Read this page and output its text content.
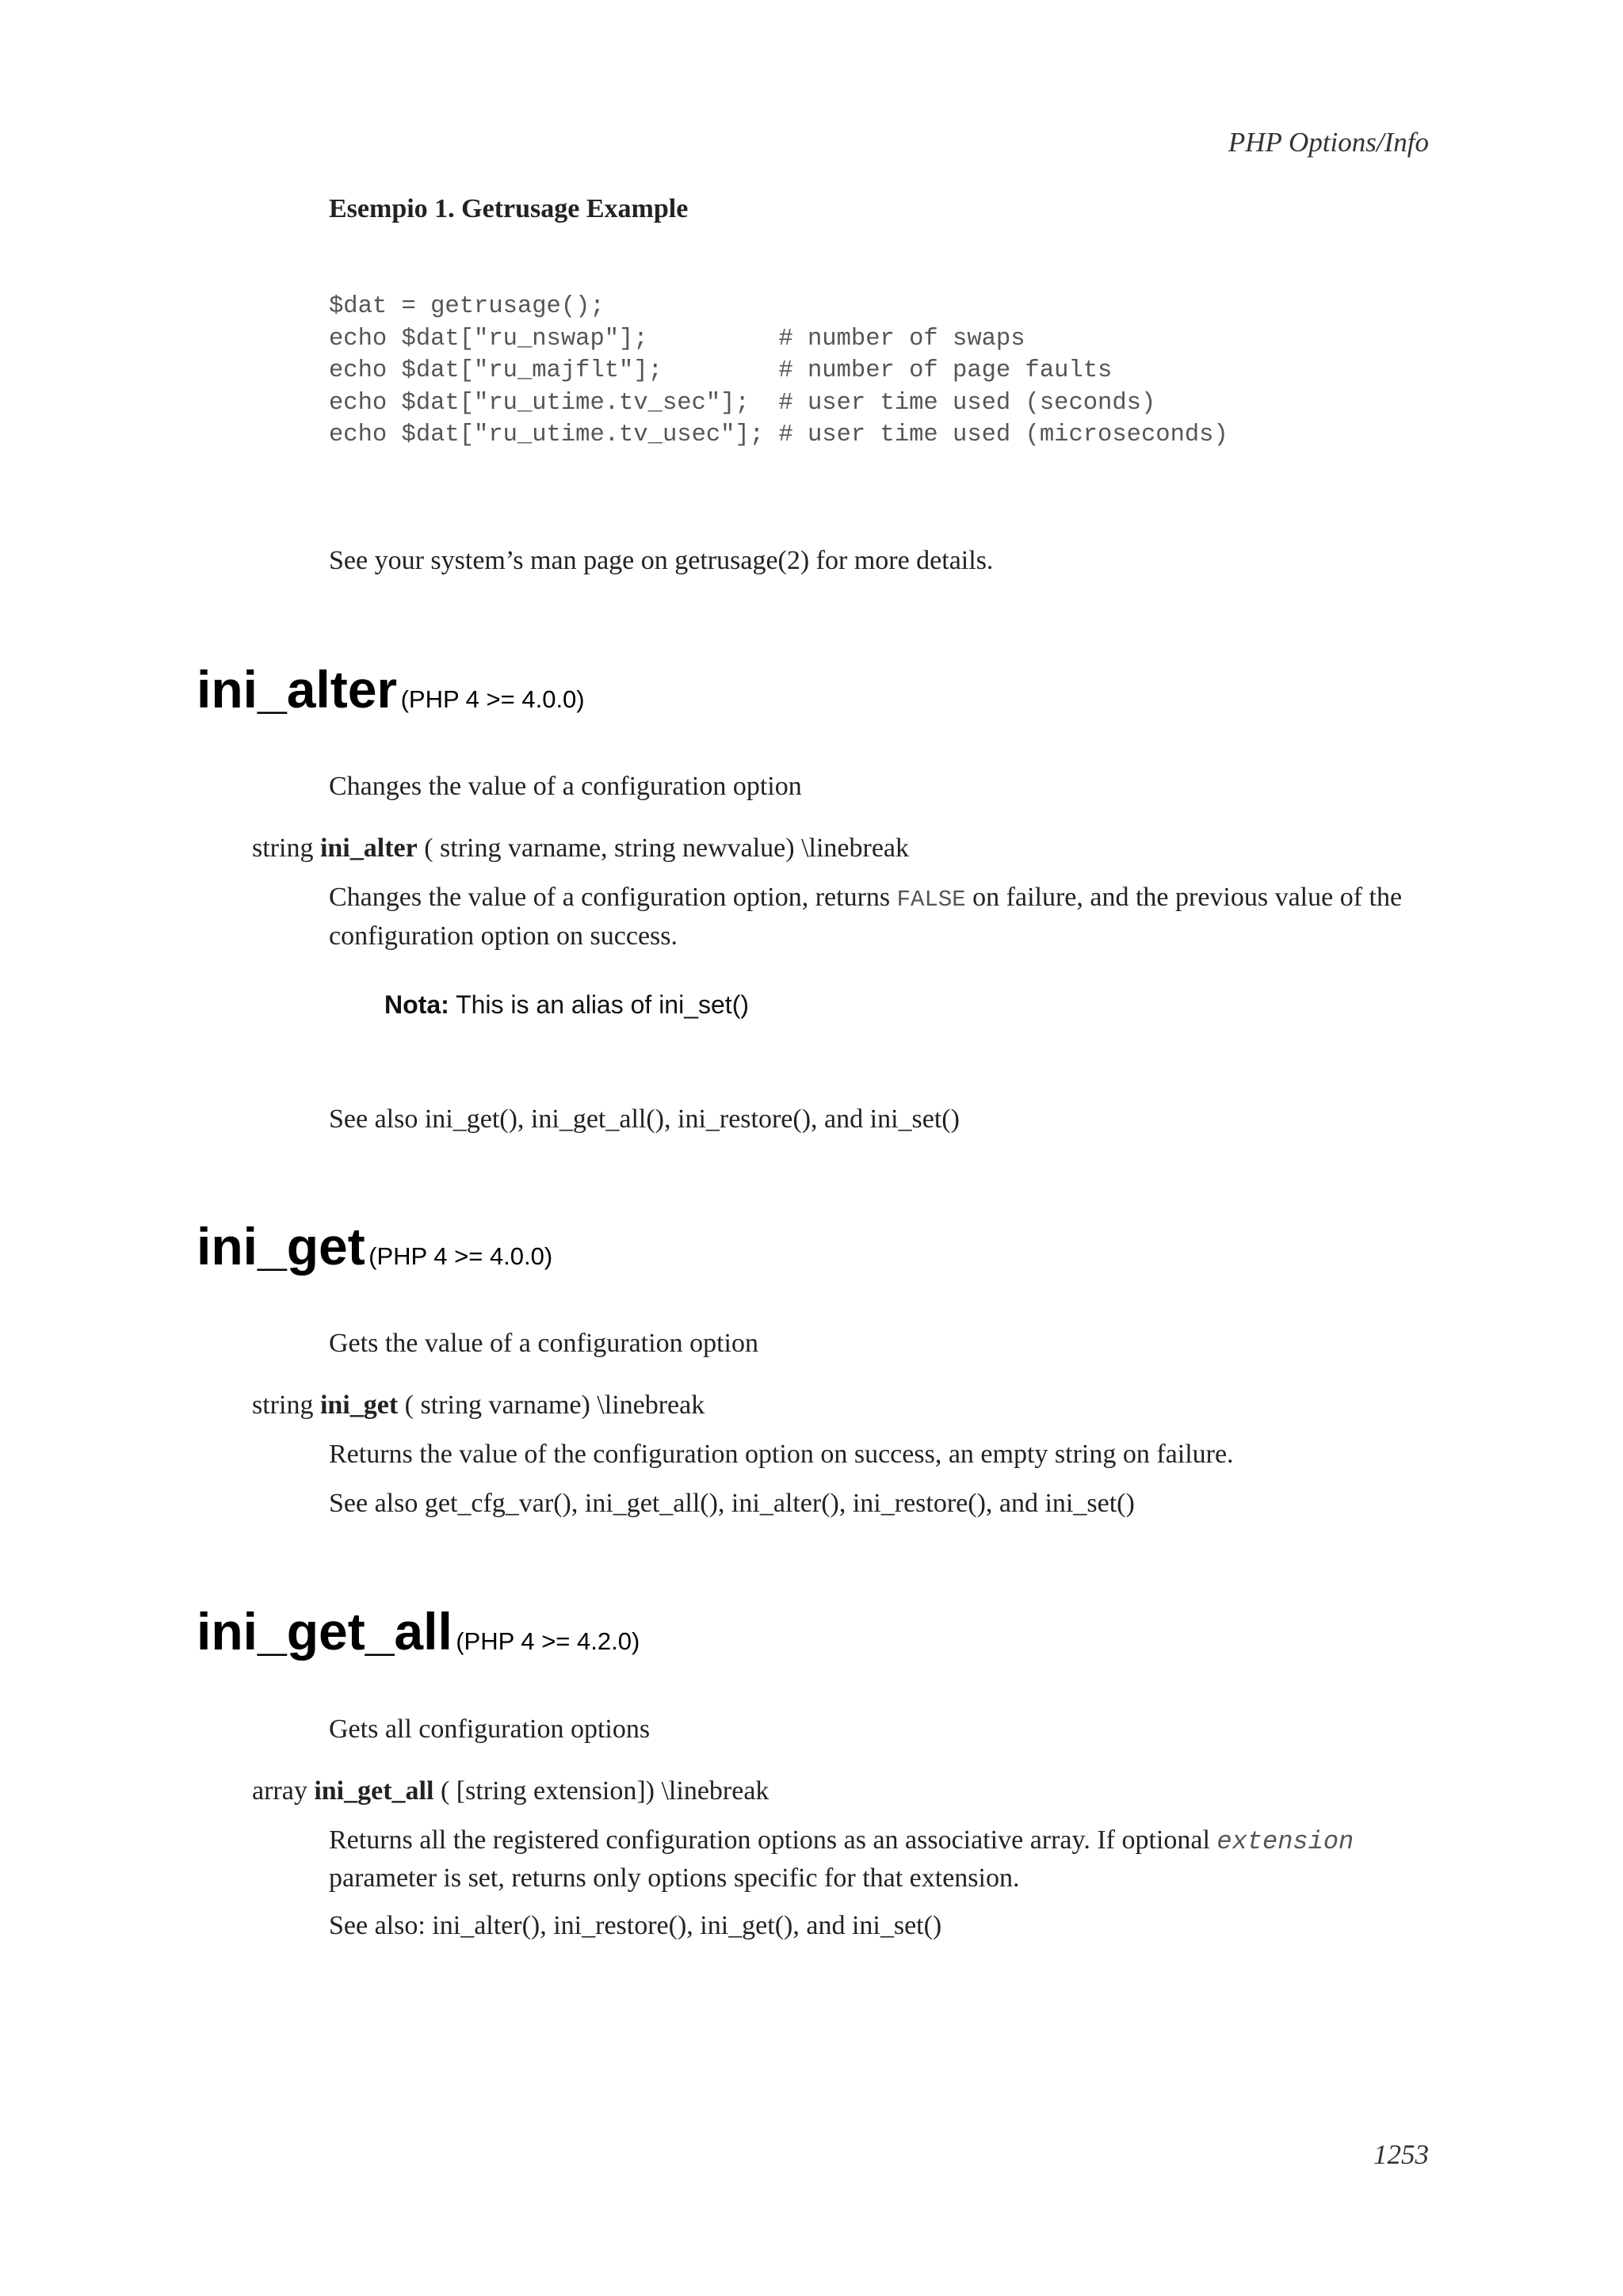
PHP Options/Info
Esempio 1. Getrusage Example
$dat = getrusage();
echo $dat["ru_nswap"];         # number of swaps
echo $dat["ru_majflt"];        # number of page faults
echo $dat["ru_utime.tv_sec"];  # user time used (seconds)
echo $dat["ru_utime.tv_usec"]; # user time used (microseconds)
See your system’s man page on getrusage(2) for more details.
ini_alter (PHP 4 >= 4.0.0)
Changes the value of a configuration option
string ini_alter ( string varname, string newvalue) \linebreak
Changes the value of a configuration option, returns FALSE on failure, and the previous value of the configuration option on success.
Nota: This is an alias of ini_set()
See also ini_get(), ini_get_all(), ini_restore(), and ini_set()
ini_get (PHP 4 >= 4.0.0)
Gets the value of a configuration option
string ini_get ( string varname) \linebreak
Returns the value of the configuration option on success, an empty string on failure.
See also get_cfg_var(), ini_get_all(), ini_alter(), ini_restore(), and ini_set()
ini_get_all (PHP 4 >= 4.2.0)
Gets all configuration options
array ini_get_all ( [string extension]) \linebreak
Returns all the registered configuration options as an associative array. If optional extension parameter is set, returns only options specific for that extension.
See also: ini_alter(), ini_restore(), ini_get(), and ini_set()
1253
